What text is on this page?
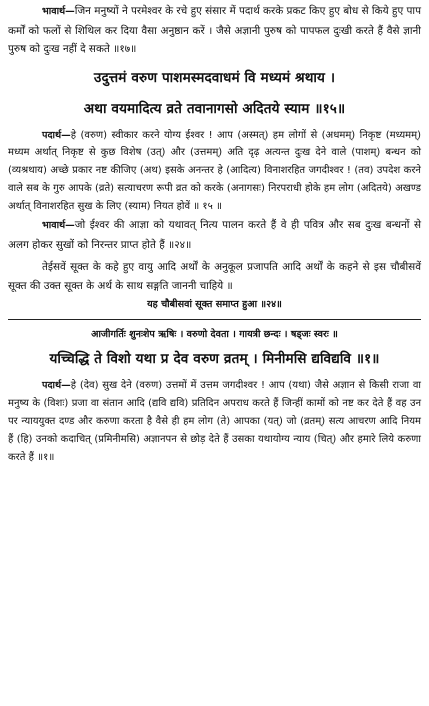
भावार्थ—जिन मनुष्यों ने परमेश्वर के रचे हुए संसार में पदार्थ करके प्रकट किए हुए बोध से किये हुए पाप कर्मों को फलों से शिथिल कर दिया वैसा अनुष्ठान करें । जैसे अज्ञानी पुरुष को पापफल दुःखी करते हैं वैसे ज्ञानी पुरुष को दुःख नहीं दे सकते ॥१७॥

उदुत्तमं वरुण पाशमस्मदवाधमं वि मध्यमं श्रथाय ।

अथा वयमादित्य व्रते तवानागसो अदितये स्याम ॥१५॥

पदार्थ—हे (वरुण) स्वीकार करने योग्य ईश्वर ! आप (अस्मत्) हम लोगों से (अधमम्) निकृष्ट (मध्यमम्) मध्यम अर्थात् निकृष्ट से कुछ विशेष (उत्) और (उत्तमम्) अति दृढ़ अत्यन्त दुःख देने वाले (पाशम्) बन्धन को (व्यश्रथाय) अच्छे प्रकार नष्ट कीजिए (अथ) इसके अनन्तर हे (आदित्य) विनाशरहित जगदीश्वर ! (तव) उपदेश करने वाले सब के गुरु आपके (व्रते) सत्याचरण रूपी व्रत को करके (अनागसः) निरपराधी होके हम लोग (अदितये) अखण्ड अर्थात् विनाशरहित सुख के लिए (स्याम) नियत होवें ॥ १५ ॥

भावार्थ—जो ईश्वर की आज्ञा को यथावत् नित्य पालन करते हैं वे ही पवित्र और सब दुःख बन्धनों से अलग होकर सुखों को निरन्तर प्राप्त होते हैं ॥२४॥

तेईसवें सूक्त के कहे हुए वायु आदि अर्थों के अनुकूल प्रजापति आदि अर्थों के कहने से इस चौबीसवें सूक्त की उक्त सूक्त के अर्थ के साथ सङ्गति जाननी चाहिये ॥

यह चौबीसवां सूक्त समाप्त हुआ ॥२४॥

आजीगर्तिः शुनःशेप ऋषिः । वरुणो देवता । गायत्री छन्दः । षड्जः स्वरः ॥

यच्चिद्धि ते विशो यथा प्र देव वरुण व्रतम् । मिनीमसि द्यविद्यवि ॥१॥

पदार्थ—हे (देव) सुख देने (वरुण) उत्तमों में उत्तम जगदीश्वर ! आप (यथा) जैसे अज्ञान से किसी राजा वा मनुष्य के (विशः) प्रजा वा संतान आदि (द्यवि द्यवि) प्रतिदिन अपराध करते हैं जिन्हीं कामों को नष्ट कर देते हैं वह उन पर न्याययुक्त दण्ड और करुणा करता है वैसे ही हम लोग (ते) आपका (यत्) जो (व्रतम्) सत्य आचरण आदि नियम हैं (हि) उनको कदाचित् (प्रमिनीमसि) अज्ञानपन से छोड़ देते हैं उसका यथायोग्य न्याय (चित्) और हमारे लिये करुणा करते हैं ॥१॥
